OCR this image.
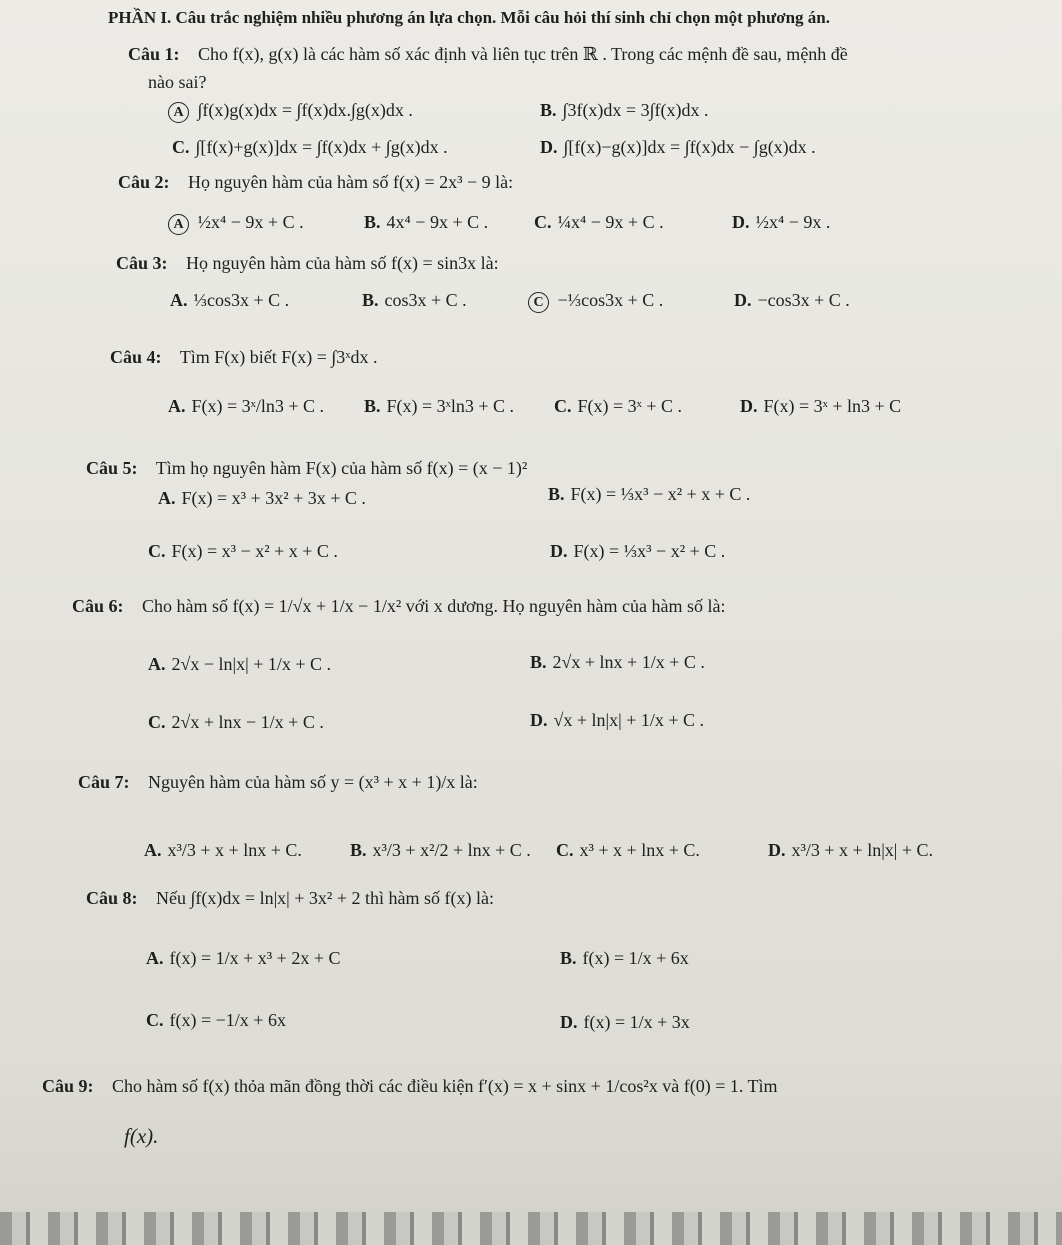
PHẦN I. Câu trắc nghiệm nhiều phương án lựa chọn. Mỗi câu hỏi thí sinh chỉ chọn một phương án.
Câu 1: Cho f(x), g(x) là các hàm số xác định và liên tục trên ℝ . Trong các mệnh đề sau, mệnh đề
nào sai?
A ∫f(x)g(x)dx = ∫f(x)dx.∫g(x)dx .	B. ∫3f(x)dx = 3∫f(x)dx .
C. ∫[f(x)+g(x)]dx = ∫f(x)dx + ∫g(x)dx .	D. ∫[f(x)−g(x)]dx = ∫f(x)dx − ∫g(x)dx .
Câu 2: Họ nguyên hàm của hàm số f(x) = 2x³ − 9 là:
A ½x⁴ − 9x + C .	B. 4x⁴ − 9x + C .	C. ¼x⁴ − 9x + C .	D. ½x⁴ − 9x .
Câu 3: Họ nguyên hàm của hàm số f(x) = sin3x là:
A. ⅓cos3x + C .	B. cos3x + C .	C −⅓cos3x + C .	D. −cos3x + C .
Câu 4: Tìm F(x) biết F(x) = ∫3ˣdx .
A. F(x) = 3ˣ/ln3 + C . B. F(x) = 3ˣln3 + C . C. F(x) = 3ˣ + C .	D. F(x) = 3ˣ + ln3 + C
Câu 5: Tìm họ nguyên hàm F(x) của hàm số f(x) = (x − 1)²
A. F(x) = x³ + 3x² + 3x + C .	B. F(x) = ⅓x³ − x² + x + C .
C. F(x) = x³ − x² + x + C .	D. F(x) = ⅓x³ − x² + C .
Câu 6: Cho hàm số f(x) = 1/√x + 1/x − 1/x² với x dương. Họ nguyên hàm của hàm số là:
A. 2√x − ln|x| + 1/x + C .	B. 2√x + lnx + 1/x + C .
C. 2√x + lnx − 1/x + C .	D. √x + ln|x| + 1/x + C .
Câu 7: Nguyên hàm của hàm số y = (x³ + x + 1)/x là:
A. x³/3 + x + lnx + C.	B. x³/3 + x²/2 + lnx + C . C. x³ + x + lnx + C.	D. x³/3 + x + ln|x| + C.
Câu 8: Nếu ∫f(x)dx = ln|x| + 3x² + 2 thì hàm số f(x) là:
A. f(x) = 1/x + x³ + 2x + C	B. f(x) = 1/x + 6x
C. f(x) = −1/x + 6x	D. f(x) = 1/x + 3x
Câu 9: Cho hàm số f(x) thỏa mãn đồng thời các điều kiện f′(x) = x + sinx + 1/cos²x và f(0) = 1. Tìm
f(x).
